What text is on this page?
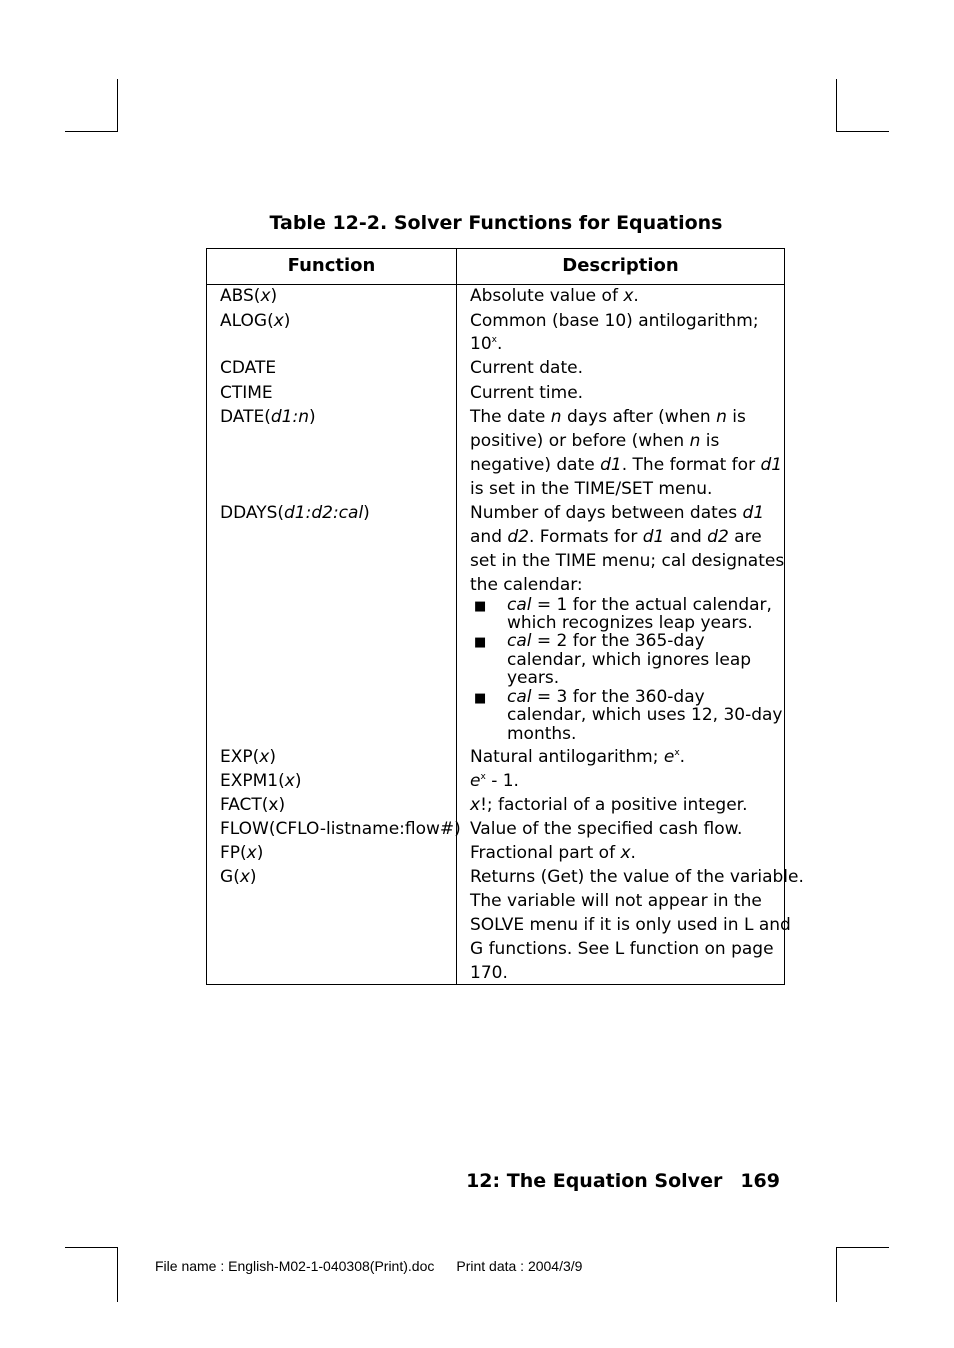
Table 12-2. Solver Functions for Equations
Function	Description
ABS(x)
ALOG(x)
CDATE
CTIME
DATE(d1:n)
DDAYS(d1:d2:cal)
EXP(x)
EXPM1(x)
FACT(x)
FLOW(CFLO-listname:flow#)
FP(x)
G(x)
Absolute value of x.
Common (base 10) antilogarithm;
10$^x$.
Current date.
Current time.
The date n days after (when n is
positive) or before (when n is
negative) date d1. The format for d1
is set in the TIME/SET menu.
Number of days between dates d1
and d2. Formats for d1 and d2 are
set in the TIME menu; cal designates
the calendar:
■ cal = 1 for the actual calendar,
which recognizes leap years.
■ cal = 2 for the 365-day
calendar, which ignores leap
years.
■ cal = 3 for the 360-day
calendar, which uses 12, 30-day
months.
Natural antilogarithm; $e^x$.
$e^x - 1$.
x!; factorial of a positive integer.
Value of the specified cash flow.
Fractional part of x.
Returns (Get) the value of the variable.
The variable will not appear in the
SOLVE menu if it is only used in L and
G functions. See L function on page
170.
12: The Equation Solver 169
File name : English-M02-1-040308(Print).doc Print data : 2004/3/9
